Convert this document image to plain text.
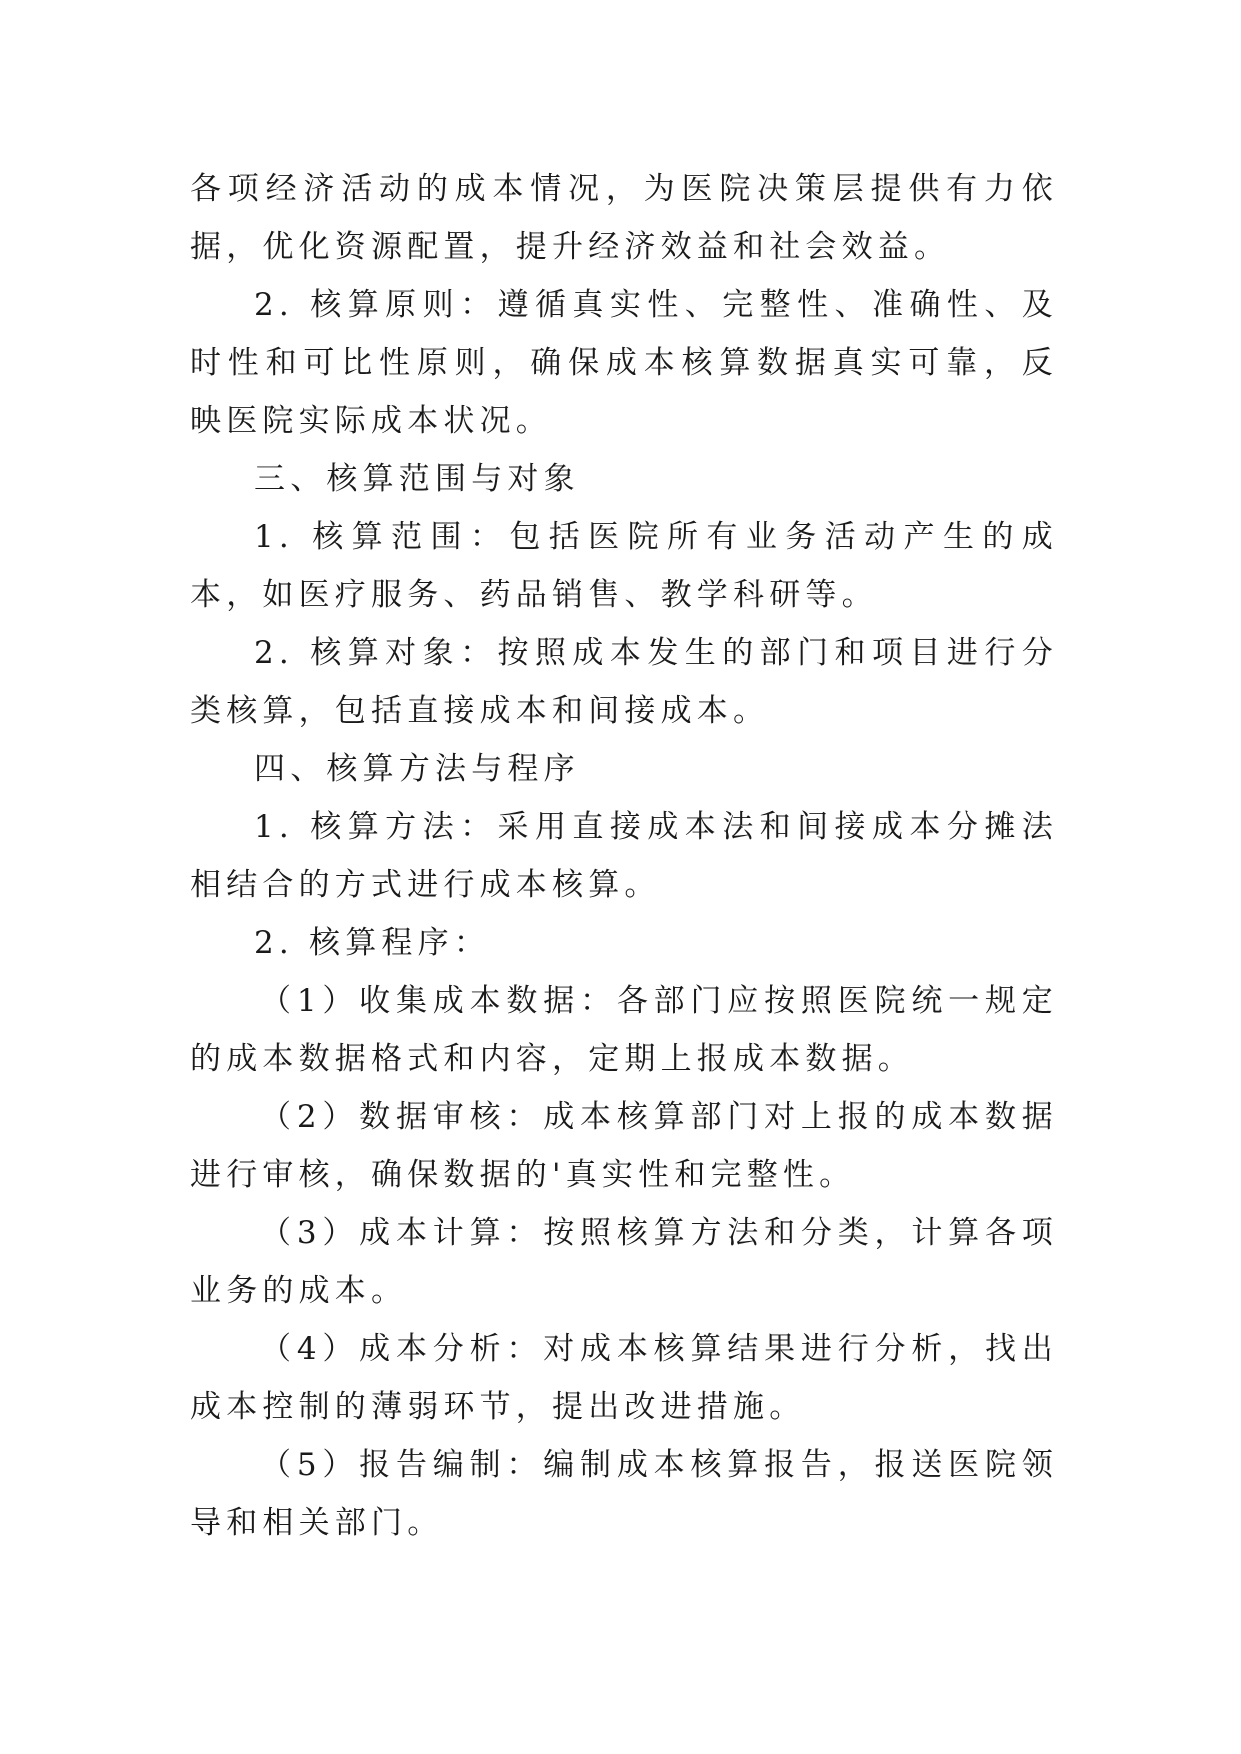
各项经济活动的成本情况，为医院决策层提供有力依据，优化资源配置，提升经济效益和社会效益。

2. 核算原则：遵循真实性、完整性、准确性、及时性和可比性原则，确保成本核算数据真实可靠，反映医院实际成本状况。

三、核算范围与对象

1. 核算范围：包括医院所有业务活动产生的成本，如医疗服务、药品销售、教学科研等。

2. 核算对象：按照成本发生的部门和项目进行分类核算，包括直接成本和间接成本。

四、核算方法与程序

1. 核算方法：采用直接成本法和间接成本分摊法相结合的方式进行成本核算。

2. 核算程序：

（1）收集成本数据：各部门应按照医院统一规定的成本数据格式和内容，定期上报成本数据。

（2）数据审核：成本核算部门对上报的成本数据进行审核，确保数据的'真实性和完整性。

（3）成本计算：按照核算方法和分类，计算各项业务的成本。

（4）成本分析：对成本核算结果进行分析，找出成本控制的薄弱环节，提出改进措施。

（5）报告编制：编制成本核算报告，报送医院领导和相关部门。
